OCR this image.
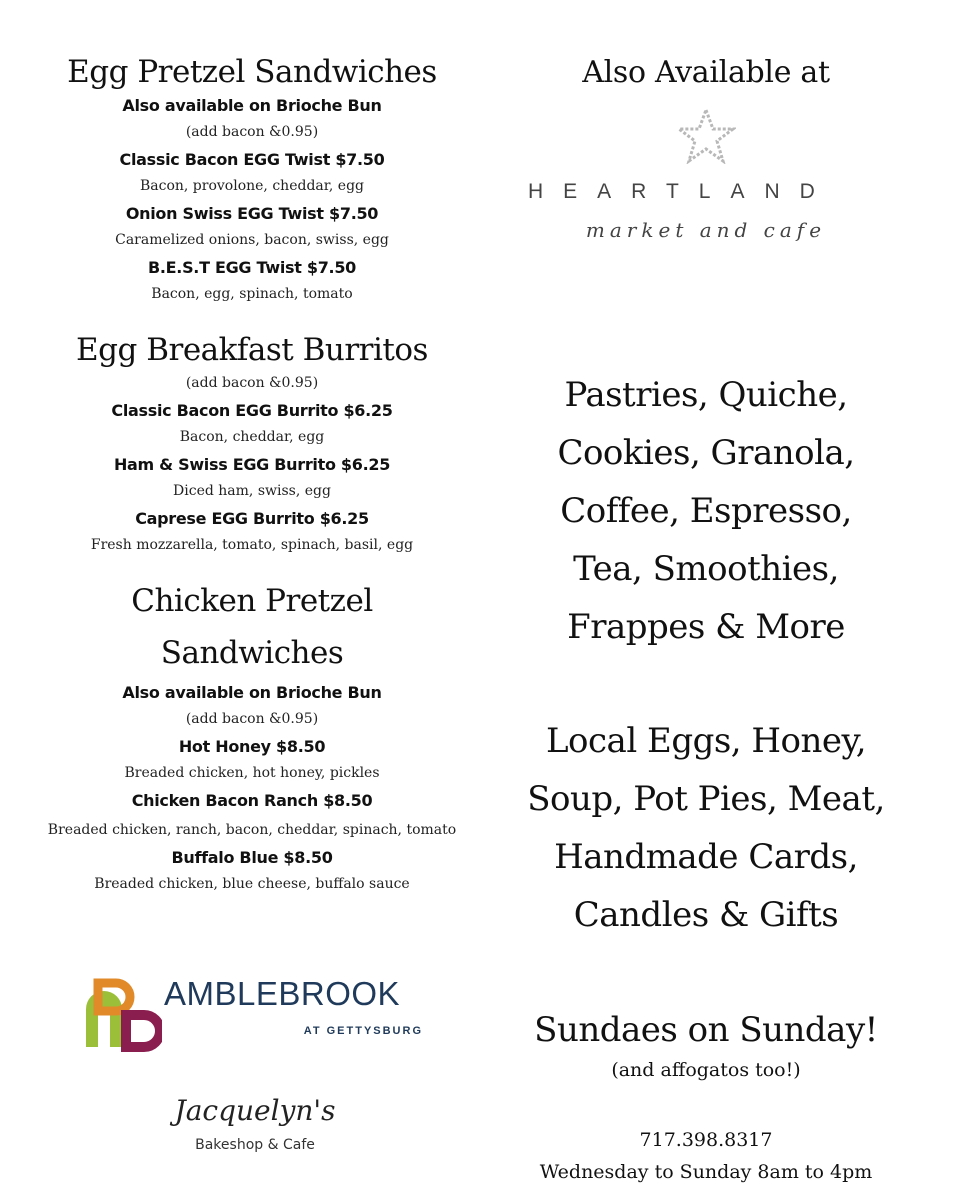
Egg Pretzel Sandwiches
Also available on Brioche Bun
(add bacon &0.95)
Classic Bacon EGG Twist $7.50
Bacon, provolone, cheddar, egg
Onion Swiss EGG Twist $7.50
Caramelized onions, bacon, swiss, egg
B.E.S.T EGG Twist $7.50
Bacon, egg, spinach, tomato
Egg Breakfast Burritos
(add bacon &0.95)
Classic Bacon EGG Burrito $6.25
Bacon, cheddar, egg
Ham & Swiss EGG Burrito $6.25
Diced ham, swiss, egg
Caprese EGG Burrito $6.25
Fresh mozzarella, tomato, spinach, basil, egg
Chicken Pretzel
Sandwiches
Also available on Brioche Bun
(add bacon &0.95)
Hot Honey $8.50
Breaded chicken, hot honey, pickles
Chicken Bacon Ranch $8.50
Breaded chicken, ranch, bacon, cheddar, spinach, tomato
Buffalo Blue $8.50
Breaded chicken, blue cheese, buffalo sauce
AMBLEBROOK
AT GETTYSBURG
Jacquelyn's
Bakeshop & Cafe
Also Available at
HEARTLAND
market and cafe
Pastries, Quiche,
Cookies, Granola,
Coffee, Espresso,
Tea, Smoothies,
Frappes & More
Local Eggs, Honey,
Soup, Pot Pies, Meat,
Handmade Cards,
Candles & Gifts
Sundaes on Sunday!
(and affogatos too!)
717.398.8317
Wednesday to Sunday 8am to 4pm
